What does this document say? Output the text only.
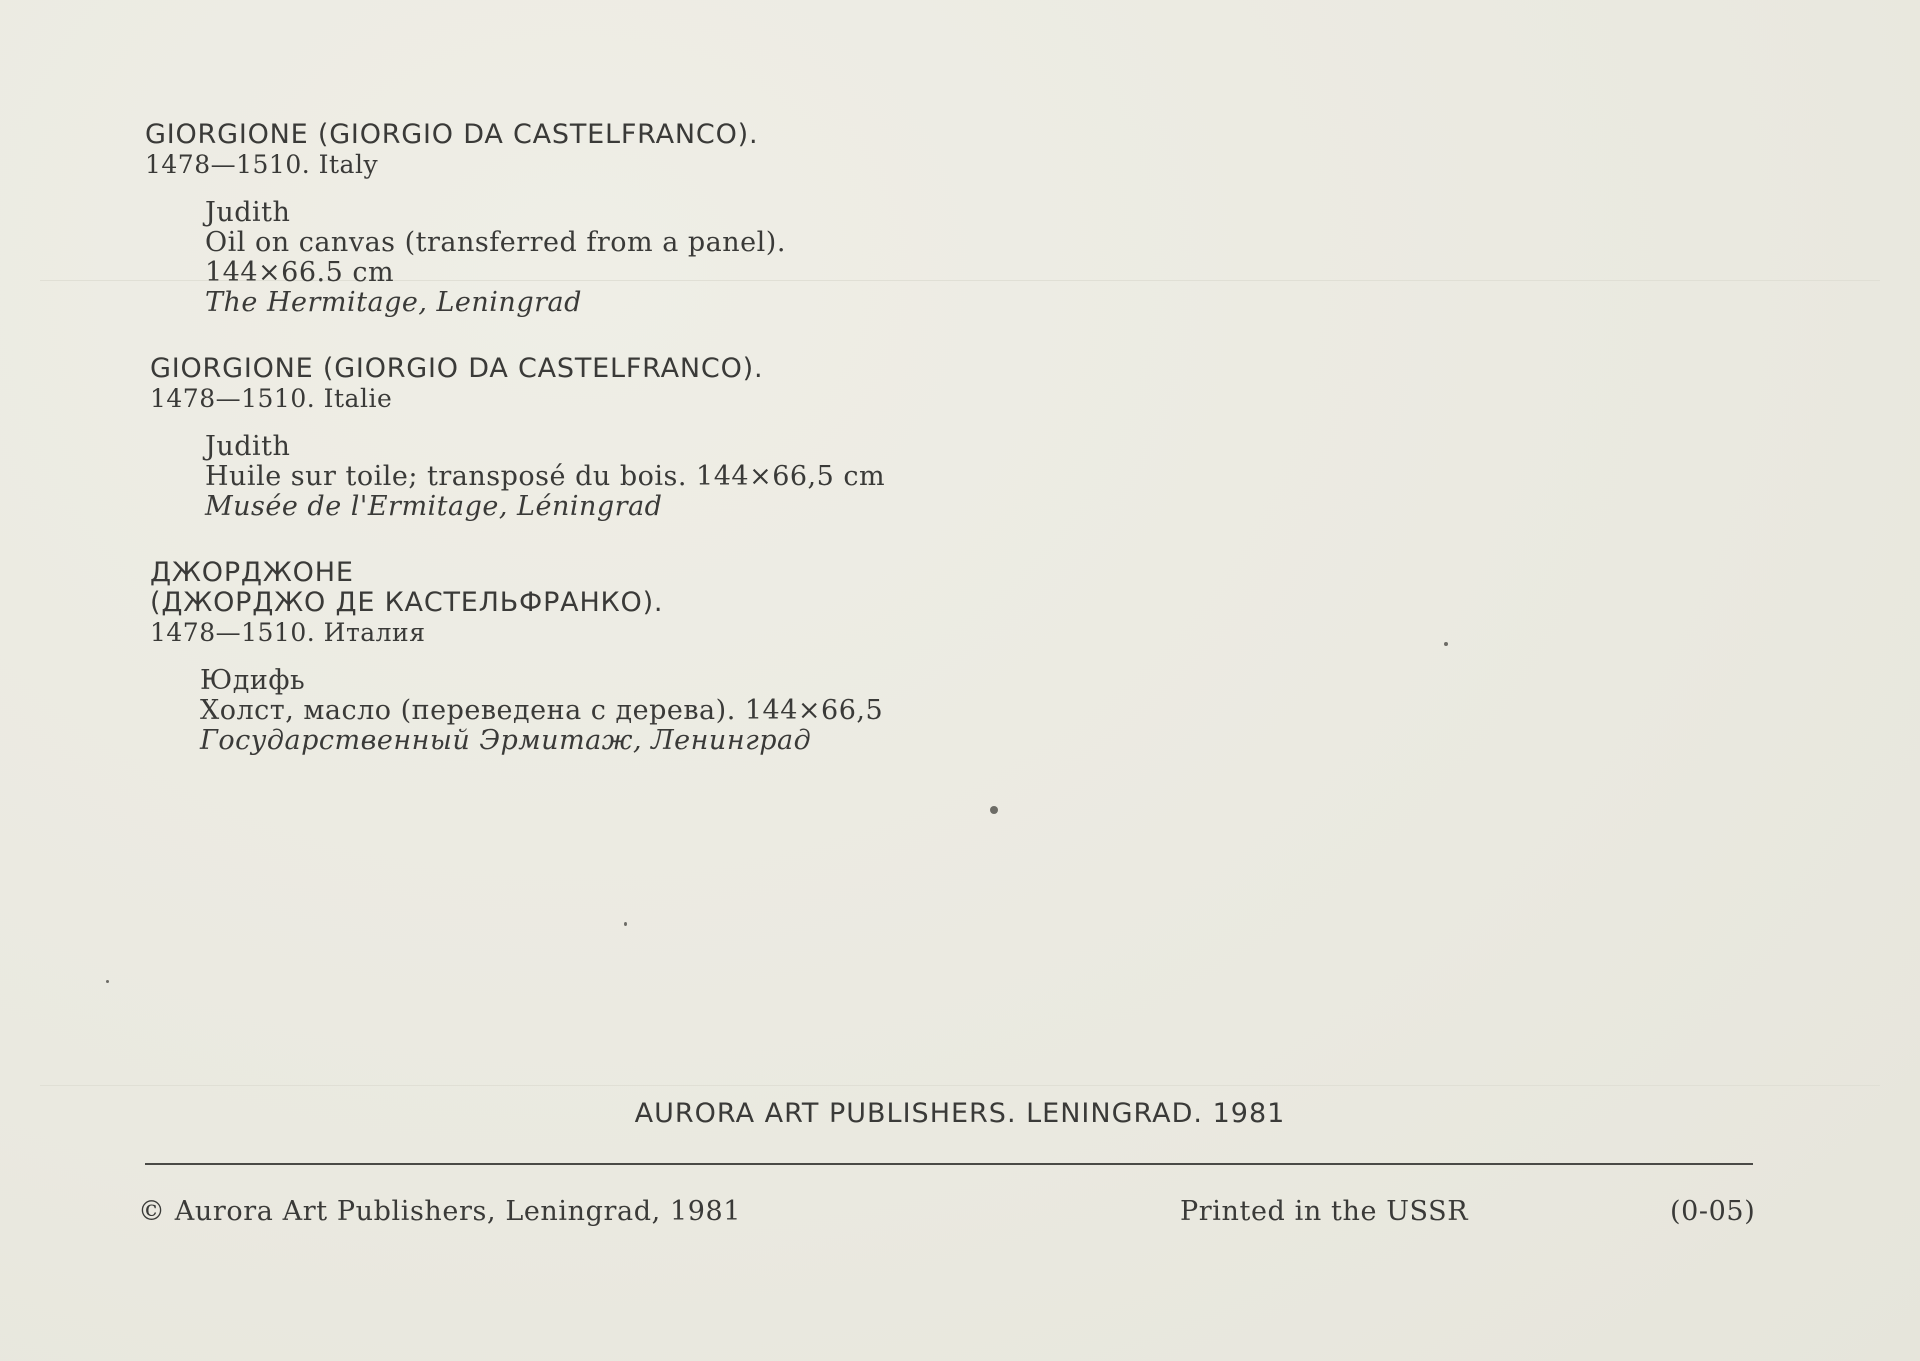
GIORGIONE (GIORGIO DA CASTELFRANCO).
1478—1510. Italy
Judith
Oil on canvas (transferred from a panel).
144×66.5 cm
The Hermitage, Leningrad
GIORGIONE (GIORGIO DA CASTELFRANCO).
1478—1510. Italie
Judith
Huile sur toile; transposé du bois. 144×66,5 cm
Musée de l'Ermitage, Léningrad
ДЖОРДЖОНЕ
(ДЖОРДЖО ДЕ КАСТЕЛЬФРАНКО).
1478—1510. Италия
Юдифь
Холст, масло (переведена с дерева). 144×66,5
Государственный Эрмитаж, Ленинград
AURORA ART PUBLISHERS. LENINGRAD. 1981
© Aurora Art Publishers, Leningrad, 1981	Printed in the USSR	(0-05)
